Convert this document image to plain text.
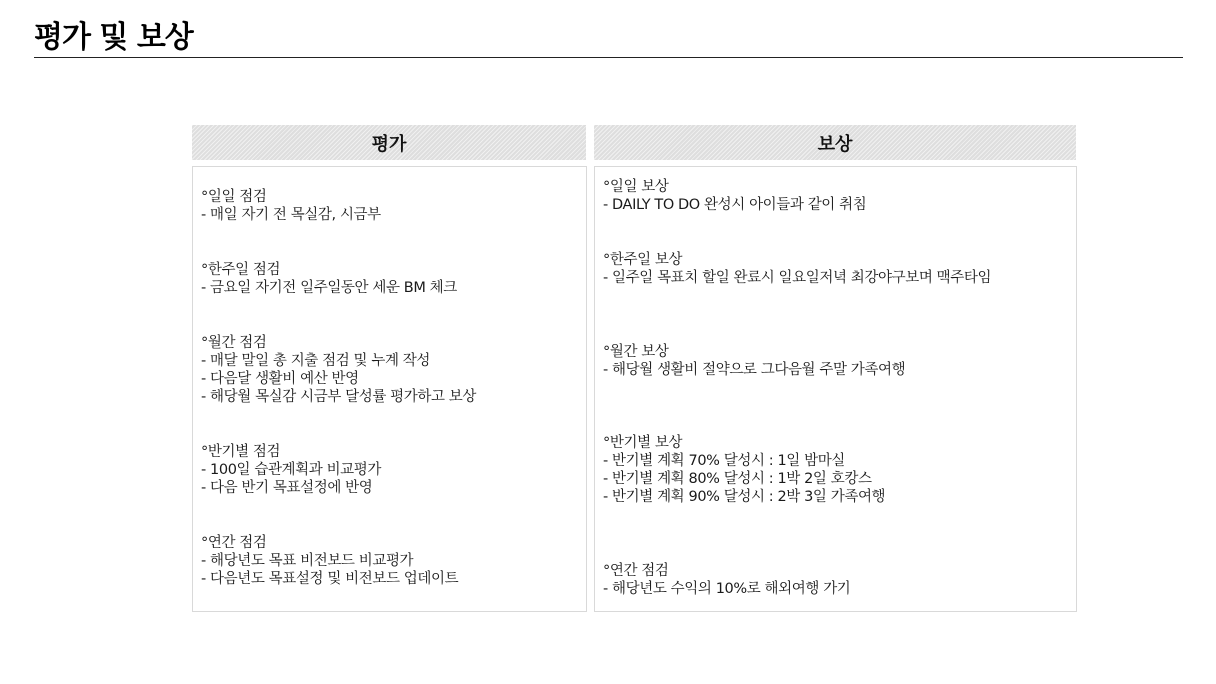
평가 및 보상
평가
°일일 점검
- 매일 자기 전 목실감, 시금부
°한주일 점검
- 금요일 자기전 일주일동안 세운 BM 체크
°월간 점검
- 매달 말일 총 지출 점검 및 누계 작성
- 다음달 생활비 예산 반영
- 해당월 목실감 시금부 달성률 평가하고 보상
°반기별 점검
- 100일 습관계획과 비교평가
- 다음 반기 목표설정에 반영
°연간 점검
- 해당년도 목표 비전보드 비교평가
- 다음년도 목표설정 및 비전보드 업데이트
보상
°일일 보상
- DAILY TO DO 완성시 아이들과 같이 취침
°한주일 보상
- 일주일 목표치 할일 완료시 일요일저녁 최강야구보며 맥주타임
°월간 보상
- 해당월 생활비 절약으로 그다음월 주말 가족여행
°반기별 보상
- 반기별 계획 70% 달성시 : 1일 밤마실
- 반기별 계획 80% 달성시 : 1박 2일 호캉스
- 반기별 계획 90% 달성시 : 2박 3일 가족여행
°연간 점검
- 해당년도 수익의 10%로 해외여행 가기
